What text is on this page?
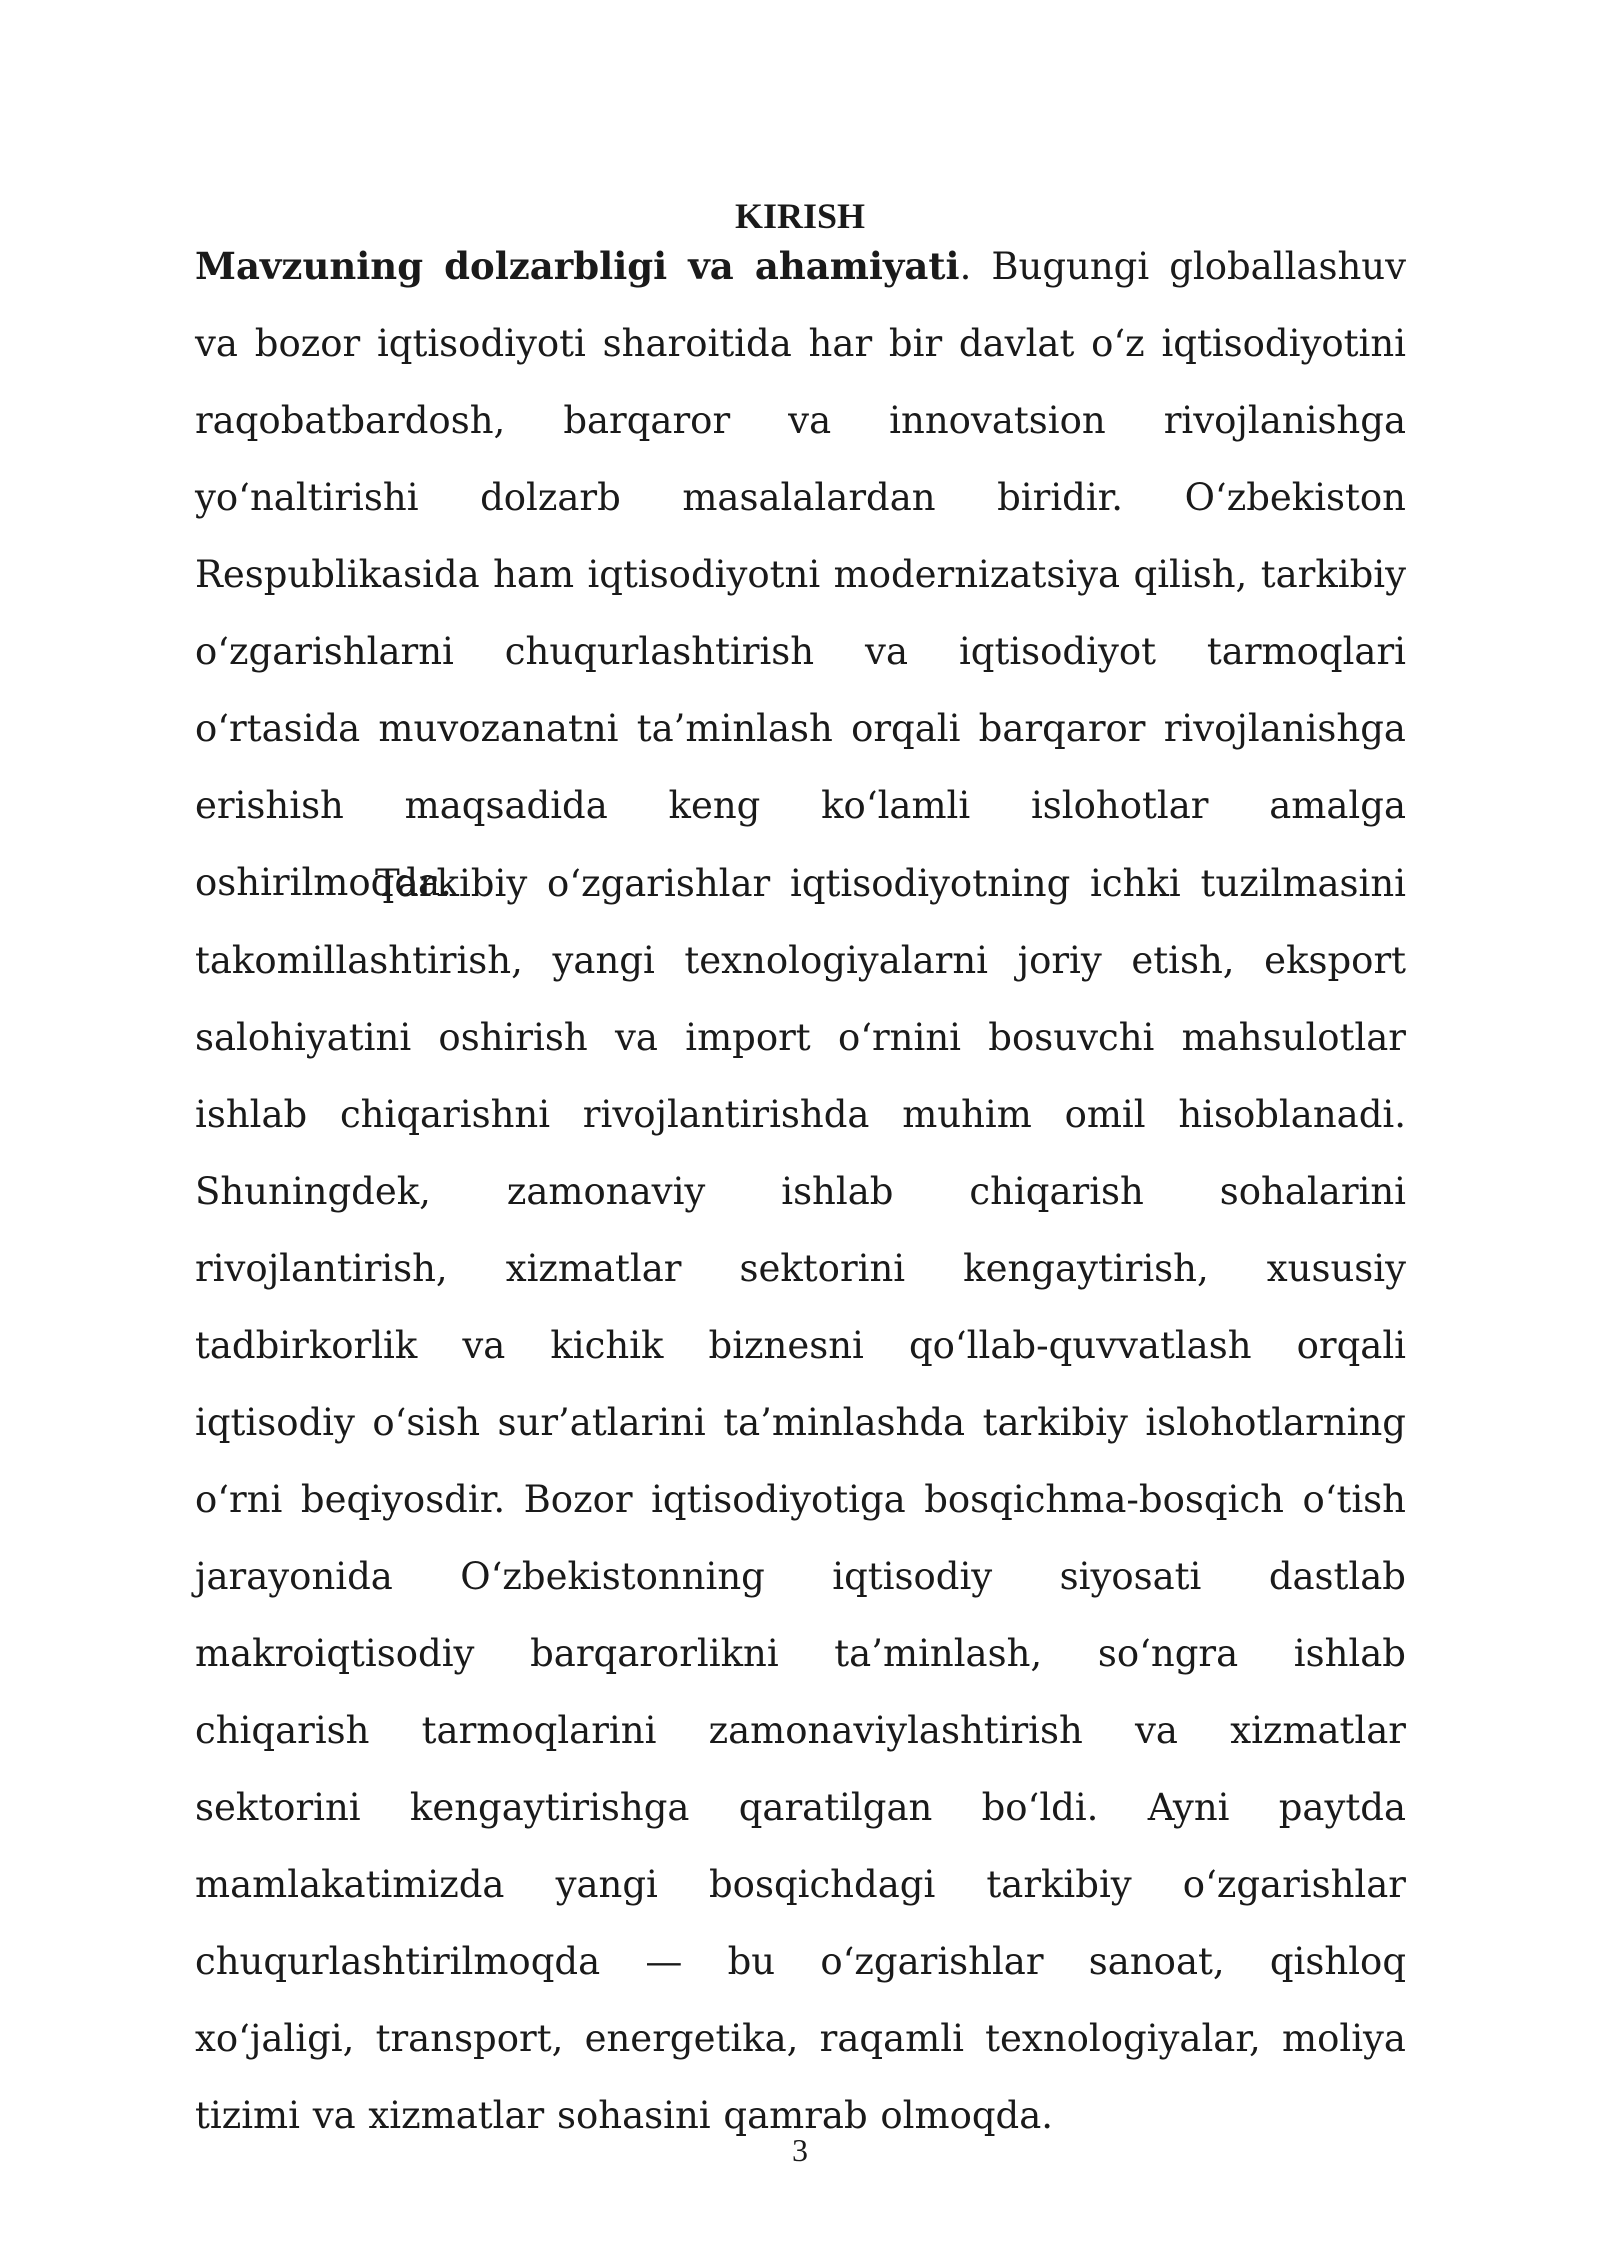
KIRISH

Mavzuning dolzarbligi va ahamiyati. Bugungi globallashuv va bozor iqtisodiyoti sharoitida har bir davlat o‘z iqtisodiyotini raqobatbardosh, barqaror va innovatsion rivojlanishga yo‘naltirishi dolzarb masalalardan biridir. O‘zbekiston Respublikasida ham iqtisodiyotni modernizatsiya qilish, tarkibiy o‘zgarishlarni chuqurlashtirish va iqtisodiyot tarmoqlari o‘rtasida muvozanatni ta’minlash orqali barqaror rivojlanishga erishish maqsadida keng ko‘lamli islohotlar amalga oshirilmoqda.

Tarkibiy o‘zgarishlar iqtisodiyotning ichki tuzilmasini takomillashtirish, yangi texnologiyalarni joriy etish, eksport salohiyatini oshirish va import o‘rnini bosuvchi mahsulotlar ishlab chiqarishni rivojlantirishda muhim omil hisoblanadi. Shuningdek, zamonaviy ishlab chiqarish sohalarini rivojlantirish, xizmatlar sektorini kengaytirish, xususiy tadbirkorlik va kichik biznesni qo‘llab-quvvatlash orqali iqtisodiy o‘sish sur’atlarini ta’minlashda tarkibiy islohotlarning o‘rni beqiyosdir. Bozor iqtisodiyotiga bosqichma-bosqich o‘tish jarayonida O‘zbekistonning iqtisodiy siyosati dastlab makroiqtisodiy barqarorlikni ta’minlash, so‘ngra ishlab chiqarish tarmoqlarini zamonaviylashtirish va xizmatlar sektorini kengaytirishga qaratilgan bo‘ldi. Ayni paytda mamlakatimizda yangi bosqichdagi tarkibiy o‘zgarishlar chuqurlashtirilmoqda — bu o‘zgarishlar sanoat, qishloq xo‘jaligi, transport, energetika, raqamli texnologiyalar, moliya tizimi va xizmatlar sohasini qamrab olmoqda.

3
